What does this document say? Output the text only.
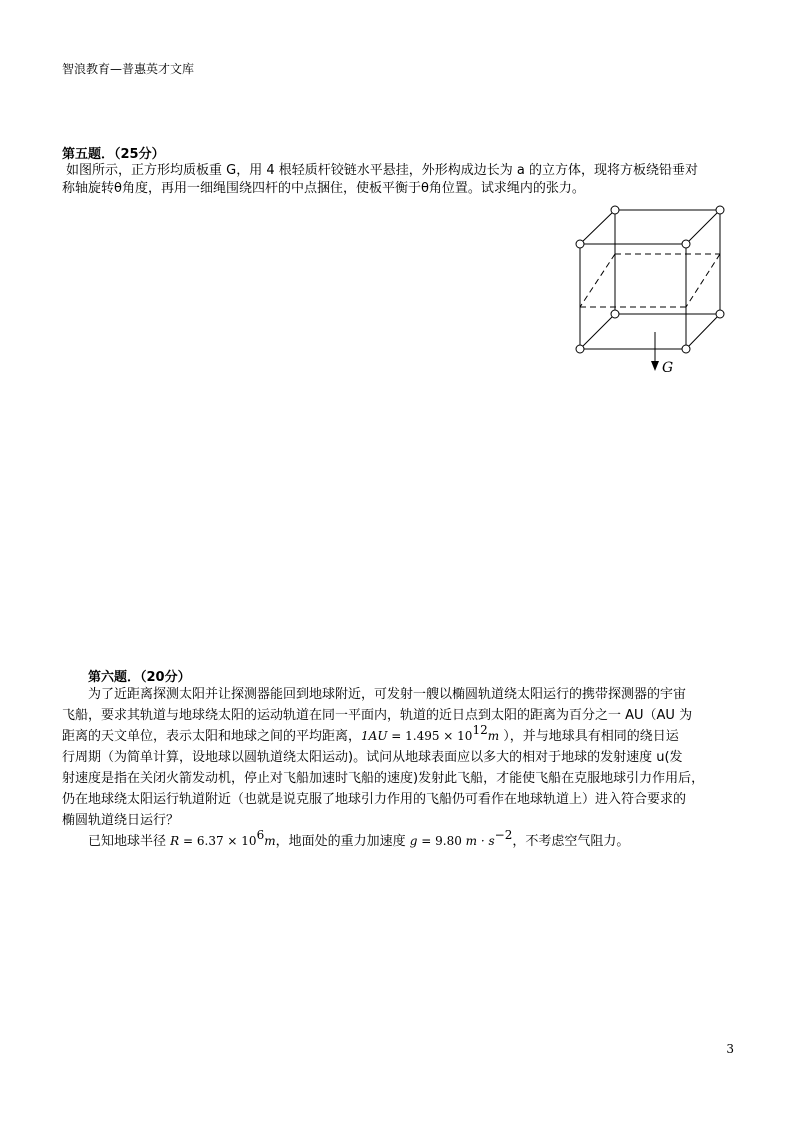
智浪教育—普惠英才文库
第五题．（25分）
如图所示，正方形均质板重 G，用 4 根轻质杆铰链水平悬挂，外形构成边长为 a 的立方体，现将方板绕铅垂对
称轴旋转θ角度，再用一细绳围绕四杆的中点捆住，使板平衡于θ角位置。试求绳内的张力。
G
第六题．（20分）
为了近距离探测太阳并让探测器能回到地球附近，可发射一艘以椭圆轨道绕太阳运行的携带探测器的宇宙
飞船，要求其轨道与地球绕太阳的运动轨道在同一平面内，轨道的近日点到太阳的距离为百分之一 AU（AU 为
距离的天文单位，表示太阳和地球之间的平均距离，$1AU = 1.495 \times 10^{12}m$ ），并与地球具有相同的绕日运
行周期（为简单计算，设地球以圆轨道绕太阳运动)。试问从地球表面应以多大的相对于地球的发射速度 u(发
射速度是指在关闭火箭发动机，停止对飞船加速时飞船的速度)发射此飞船，才能使飞船在克服地球引力作用后，
仍在地球绕太阳运行轨道附近（也就是说克服了地球引力作用的飞船仍可看作在地球轨道上）进入符合要求的
椭圆轨道绕日运行？
已知地球半径 $R = 6.37 \times 10^6m$，地面处的重力加速度 g = 9.80 $m \cdot s^{-2}$，不考虑空气阻力。
3
